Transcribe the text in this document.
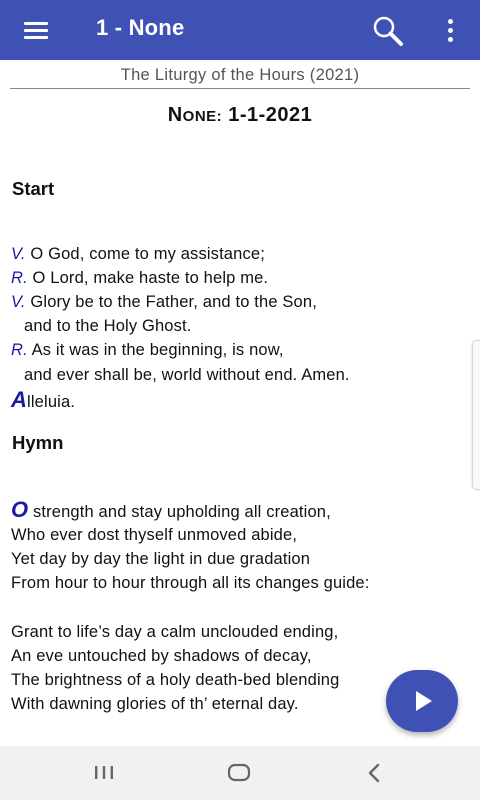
1 - None
The Liturgy of the Hours (2021)
NONE: 1-1-2021
Start
V. O God, come to my assistance;
R. O Lord, make haste to help me.
V. Glory be to the Father, and to the Son,
and to the Holy Ghost.
R. As it was in the beginning, is now,
and ever shall be, world without end. Amen.
Alleluia.
Hymn
O strength and stay upholding all creation,
Who ever dost thyself unmoved abide,
Yet day by day the light in due gradation
From hour to hour through all its changes guide:
Grant to life’s day a calm unclouded ending,
An eve untouched by shadows of decay,
The brightness of a holy death-bed blending
With dawning glories of th’ eternal day.
